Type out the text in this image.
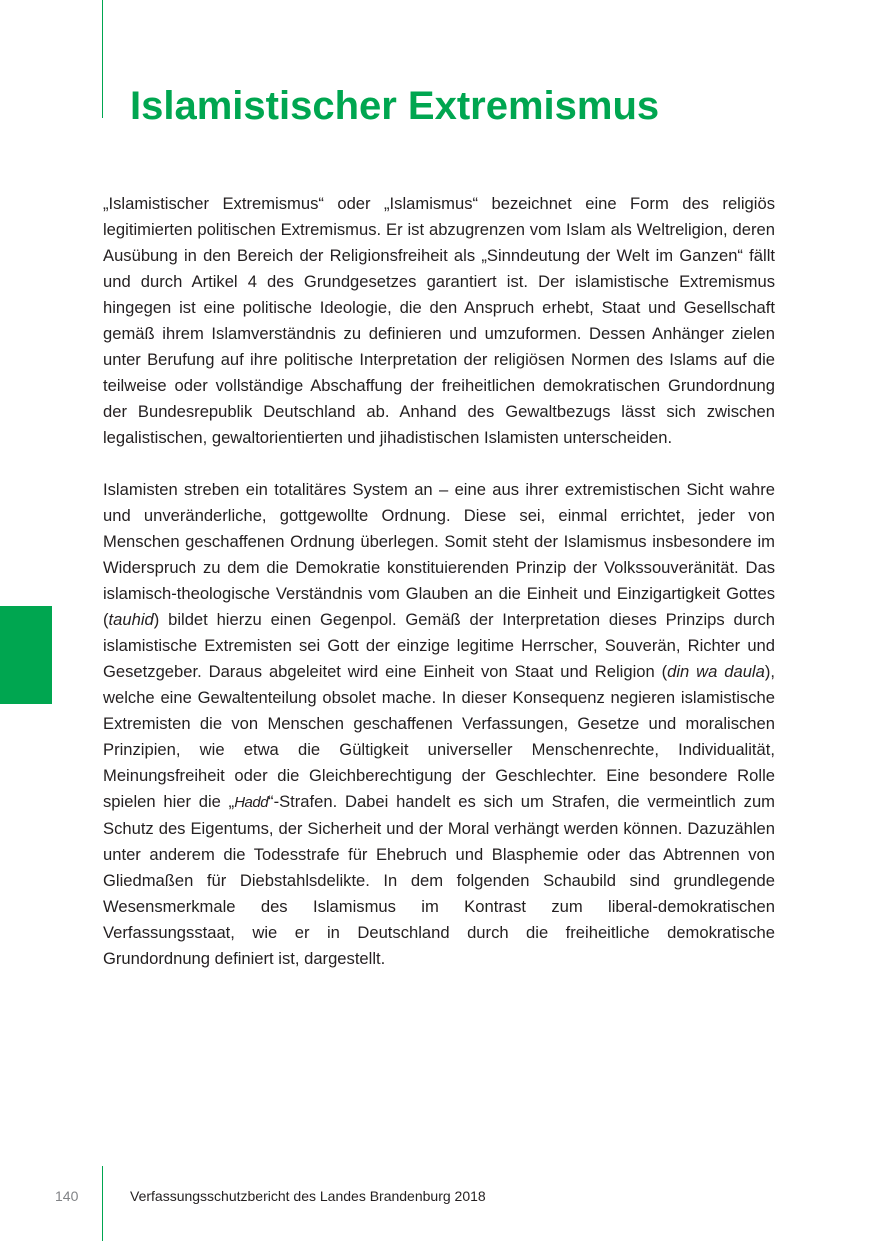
Islamistischer Extremismus

„Islamistischer Extremismus“ oder „Islamismus“ bezeichnet eine Form des religiös legitimierten politischen Extremismus. Er ist abzugrenzen vom Islam als Weltreligion, deren Ausübung in den Bereich der Religionsfreiheit als „Sinndeutung der Welt im Ganzen“ fällt und durch Artikel 4 des Grundgesetzes garantiert ist. Der islamistische Extremismus hingegen ist eine politische Ideologie, die den Anspruch erhebt, Staat und Gesellschaft gemäß ihrem Islamverständnis zu definieren und umzuformen. Dessen Anhänger zielen unter Berufung auf ihre politische Interpretation der religiösen Normen des Islams auf die teilweise oder vollständige Abschaffung der freiheitlichen demokratischen Grundordnung der Bundesrepublik Deutschland ab. Anhand des Gewaltbezugs lässt sich zwischen legalistischen, gewaltorientierten und jihadistischen Islamisten unterscheiden.

Islamisten streben ein totalitäres System an – eine aus ihrer extremistischen Sicht wahre und unveränderliche, gottgewollte Ordnung. Diese sei, einmal errichtet, jeder von Menschen geschaffenen Ordnung überlegen. Somit steht der Islamismus insbesondere im Widerspruch zu dem die Demokratie konstituierenden Prinzip der Volkssouveränität. Das islamisch-theologische Verständnis vom Glauben an die Einheit und Einzigartigkeit Gottes (tauhid) bildet hierzu einen Gegenpol. Gemäß der Interpretation dieses Prinzips durch islamistische Extremisten sei Gott der einzige legitime Herrscher, Souverän, Richter und Gesetzgeber. Daraus abgeleitet wird eine Einheit von Staat und Religion (din wa daula), welche eine Gewaltenteilung obsolet mache. In dieser Konsequenz negieren islamistische Extremisten die von Menschen geschaffenen Verfassungen, Gesetze und moralischen Prinzipien, wie etwa die Gültigkeit universeller Menschenrechte, Individualität, Meinungsfreiheit oder die Gleichberechtigung der Geschlechter. Eine besondere Rolle spielen hier die „Hadd“-Strafen. Dabei handelt es sich um Strafen, die vermeintlich zum Schutz des Eigentums, der Sicherheit und der Moral verhängt werden können. Dazuzählen unter anderem die Todesstrafe für Ehebruch und Blasphemie oder das Abtrennen von Gliedmaßen für Diebstahlsdelikte. In dem folgenden Schaubild sind grundlegende Wesensmerkmale des Islamismus im Kontrast zum liberal-demokratischen Verfassungsstaat, wie er in Deutschland durch die freiheitliche demokratische Grundordnung definiert ist, dargestellt.

140	Verfassungsschutzbericht des Landes Brandenburg 2018
